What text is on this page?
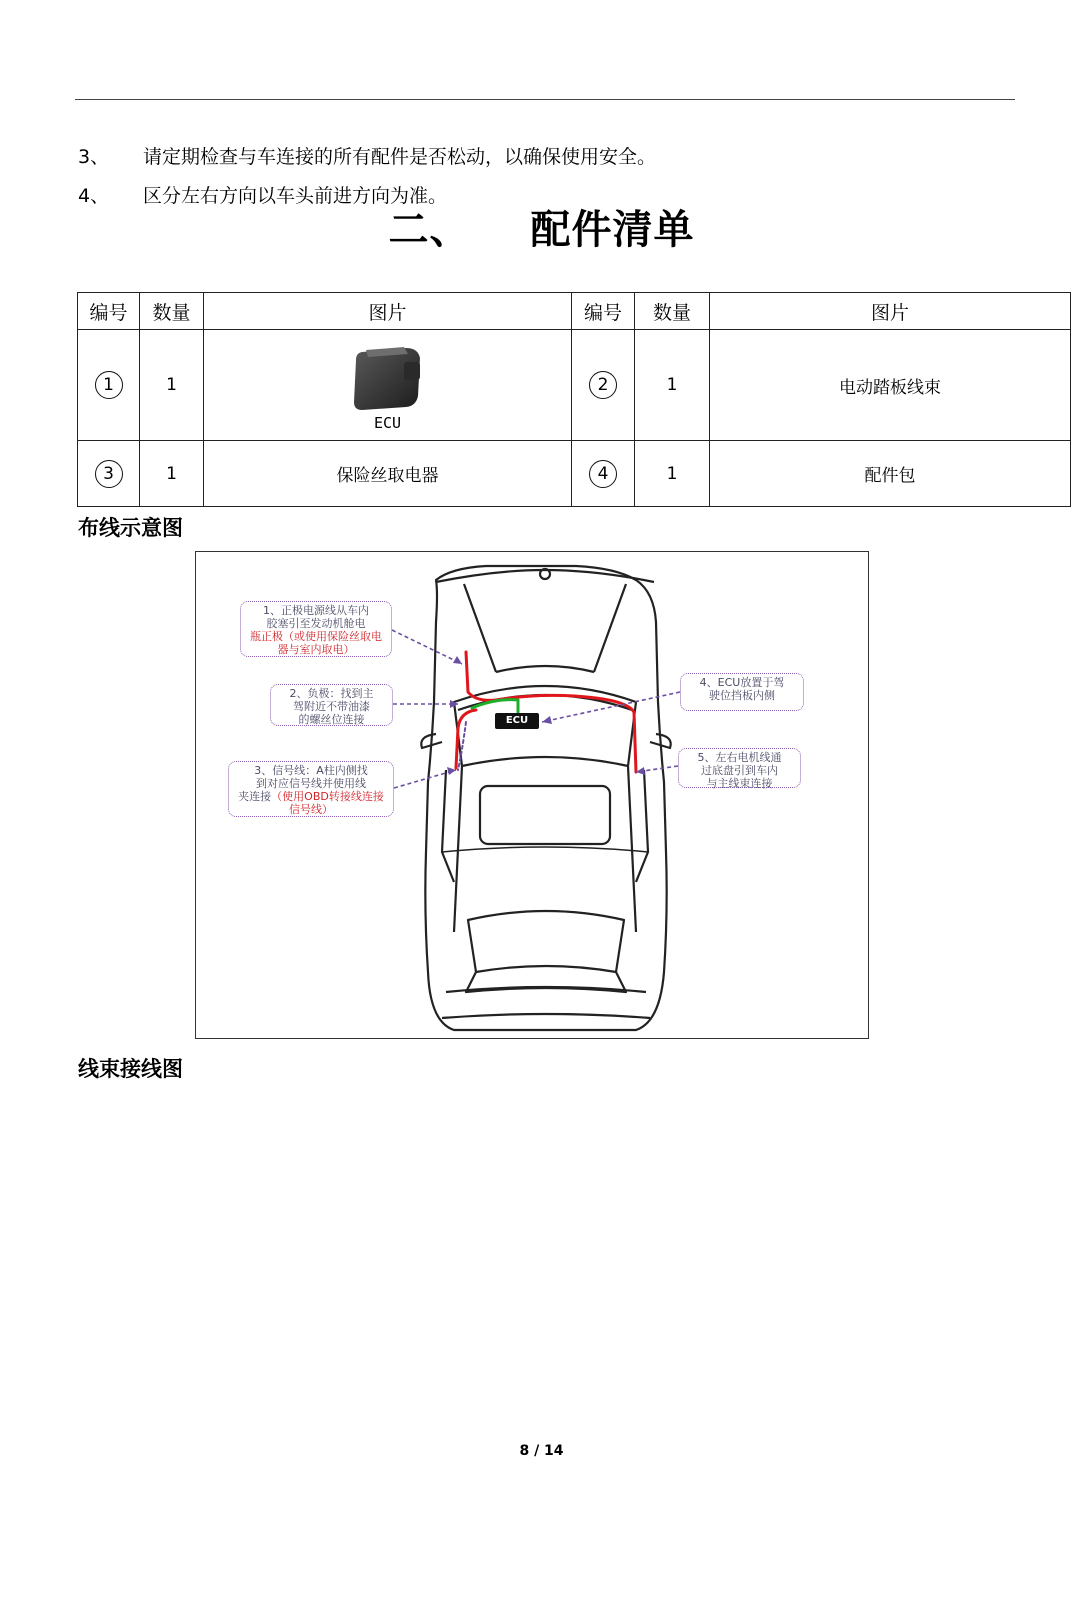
3、 请定期检查与车连接的所有配件是否松动，以确保使用安全。
4、 区分左右方向以车头前进方向为准。
二、 配件清单
编号	数量	图片	编号	数量	图片
1	1	ECU	2	1	电动踏板线束
3	1	保险丝取电器	4	1	配件包
布线示意图
1、正极电源线从车内
胶塞引至发动机舱电
瓶正极（或使用保险丝取电器与室内取电）
2、负极：找到主
驾附近不带油漆
的螺丝位连接
3、信号线：A柱内侧找
到对应信号线并使用线
夹连接（使用OBD转接线连接信号线）
4、ECU放置于驾
驶位挡板内侧
5、左右电机线通
过底盘引到车内
与主线束连接
ECU
线束接线图
8 / 14
